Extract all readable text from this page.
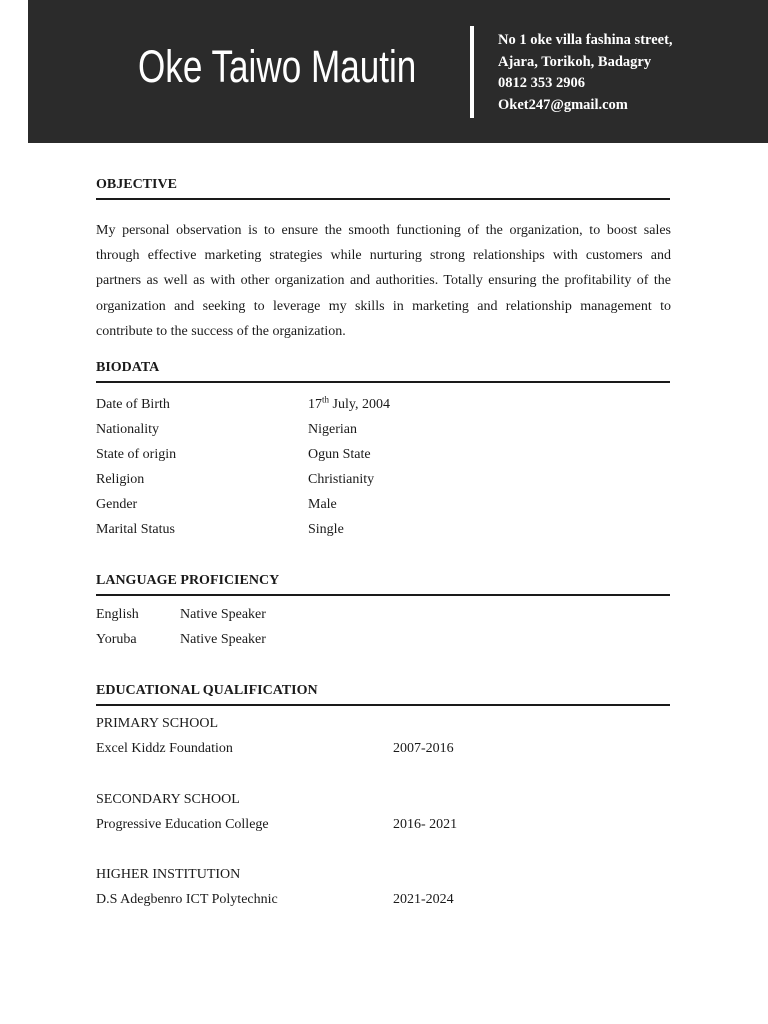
Oke Taiwo Mautin
No 1 oke villa fashina street,
Ajara, Torikoh, Badagry
0812 353 2906
Oket247@gmail.com
OBJECTIVE
My personal observation is to ensure the smooth functioning of the organization, to boost sales through effective marketing strategies while nurturing strong relationships with customers and partners as well as with other organization and authorities. Totally ensuring the profitability of the organization and seeking to leverage my skills in marketing and relationship management to contribute to the success of the organization.
BIODATA
Date of Birth	17th July, 2004
Nationality	Nigerian
State of origin	Ogun State
Religion	Christianity
Gender	Male
Marital Status	Single
LANGUAGE PROFICIENCY
English	Native Speaker
Yoruba	Native Speaker
EDUCATIONAL QUALIFICATION
PRIMARY SCHOOL
Excel Kiddz Foundation	2007-2016
SECONDARY SCHOOL
Progressive Education College	2016- 2021
HIGHER INSTITUTION
D.S Adegbenro ICT Polytechnic	2021-2024
